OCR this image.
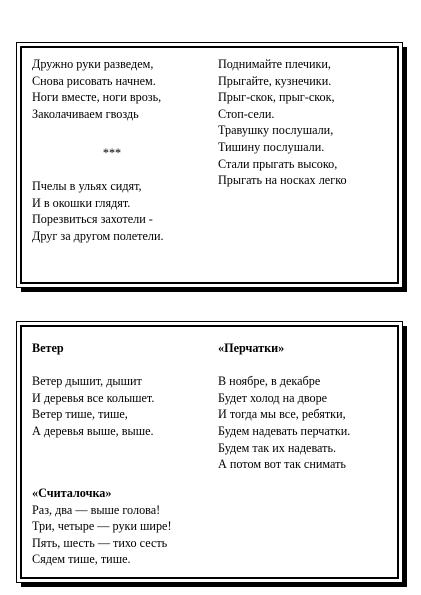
Дружно руки разведем,
Снова рисовать начнем.
Ноги вместе, ноги врозь,
Заколачиваем гвоздь
***
Пчелы в ульях сидят,
И в окошки глядят.
Порезвиться захотели -
Друг за другом полетели.
Поднимайте плечики,
Прыгайте, кузнечики.
Прыг-скок, прыг-скок,
Стоп-сели.
Травушку послушали,
Тишину послушали.
Стали прыгать высоко,
Прыгать на носках легко
Ветер

Ветер дышит, дышит
И деревья все колышет.
Ветер тише, тише,
А деревья выше, выше.
«Перчатки»

В ноябре, в декабре
Будет холод на дворе
И тогда мы все, ребятки,
Будем надевать перчатки.
Будем так их надевать.
А потом вот так снимать
«Считалочка»
Раз, два — выше голова!
Три, четыре — руки шире!
Пять, шесть — тихо сесть
Сядем тише, тише.
